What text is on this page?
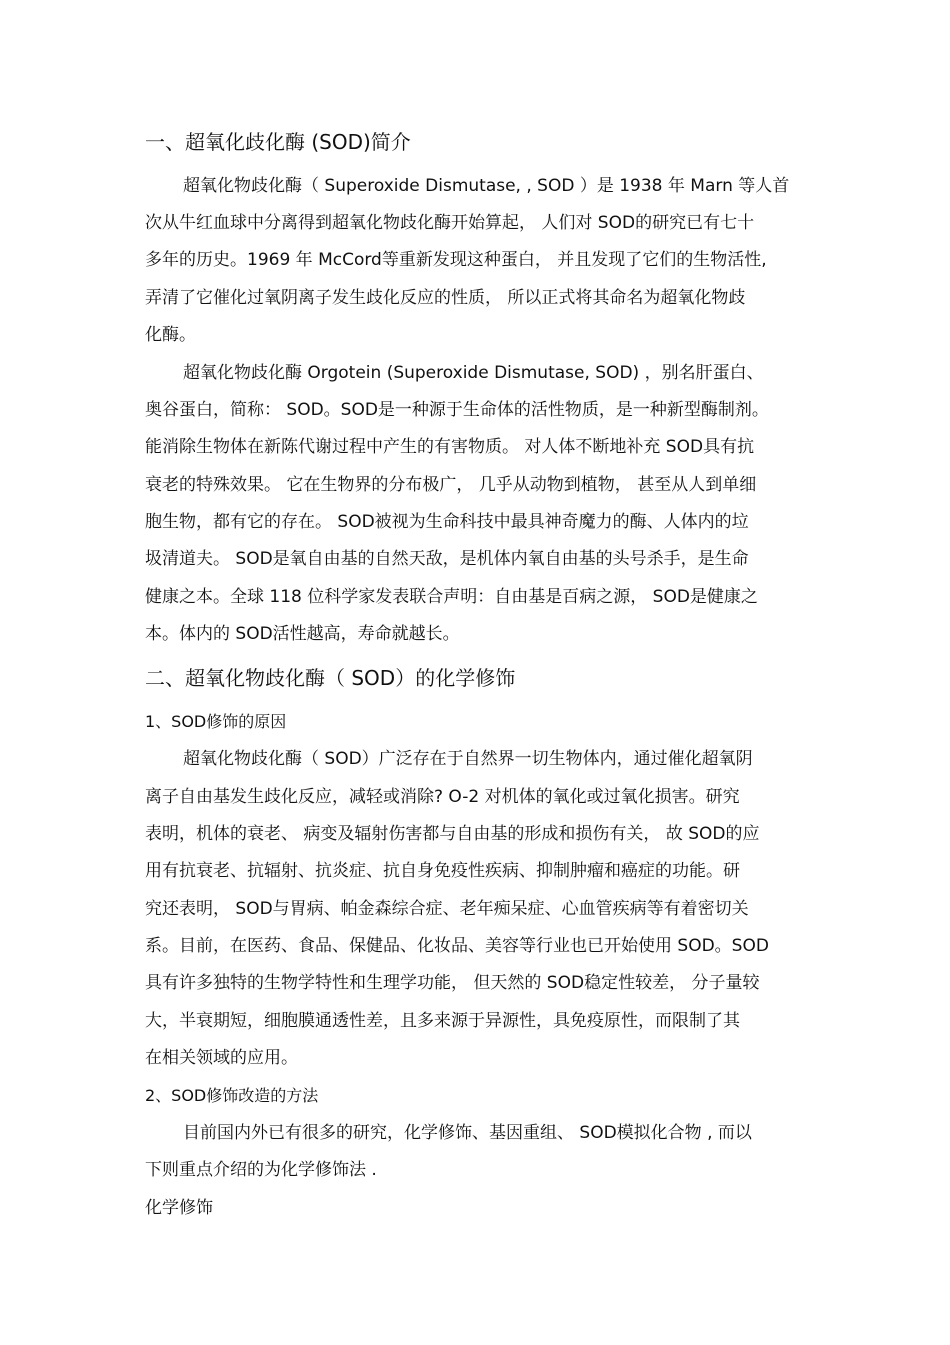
一、超氧化歧化酶 (SOD)简介
超氧化物歧化酶（ Superoxide Dismutase, , SOD ）是 1938 年 Marn 等人首
次从牛红血球中分离得到超氧化物歧化酶开始算起， 人们对 SOD的研究已有七十
多年的历史。1969 年 McCord等重新发现这种蛋白， 并且发现了它们的生物活性,
弄清了它催化过氧阴离子发生歧化反应的性质， 所以正式将其命名为超氧化物歧
化酶。
超氧化物歧化酶 Orgotein (Superoxide Dismutase, SOD) ，别名肝蛋白、
奥谷蛋白，简称： SOD。SOD是一种源于生命体的活性物质，是一种新型酶制剂。
能消除生物体在新陈代谢过程中产生的有害物质。 对人体不断地补充 SOD具有抗
衰老的特殊效果。 它在生物界的分布极广， 几乎从动物到植物， 甚至从人到单细
胞生物，都有它的存在。 SOD被视为生命科技中最具神奇魔力的酶、人体内的垃
圾清道夫。 SOD是氧自由基的自然天敌，是机体内氧自由基的头号杀手，是生命
健康之本。全球 118 位科学家发表联合声明：自由基是百病之源， SOD是健康之
本。体内的 SOD活性越高，寿命就越长。
二、超氧化物歧化酶（ SOD）的化学修饰
1、SOD修饰的原因
超氧化物歧化酶（ SOD）广泛存在于自然界一切生物体内，通过催化超氧阴
离子自由基发生歧化反应，减轻或消除? O-2 对机体的氧化或过氧化损害。研究
表明，机体的衰老、 病变及辐射伤害都与自由基的形成和损伤有关， 故 SOD的应
用有抗衰老、抗辐射、抗炎症、抗自身免疫性疾病、抑制肿瘤和癌症的功能。研
究还表明， SOD与胃病、帕金森综合症、老年痴呆症、心血管疾病等有着密切关
系。目前，在医药、食品、保健品、化妆品、美容等行业也已开始使用 SOD。SOD
具有许多独特的生物学特性和生理学功能， 但天然的 SOD稳定性较差， 分子量较
大，半衰期短，细胞膜通透性差，且多来源于异源性，具免疫原性，而限制了其
在相关领域的应用。
2、SOD修饰改造的方法
目前国内外已有很多的研究，化学修饰、基因重组、 SOD模拟化合物 , 而以
下则重点介绍的为化学修饰法 .
化学修饰
